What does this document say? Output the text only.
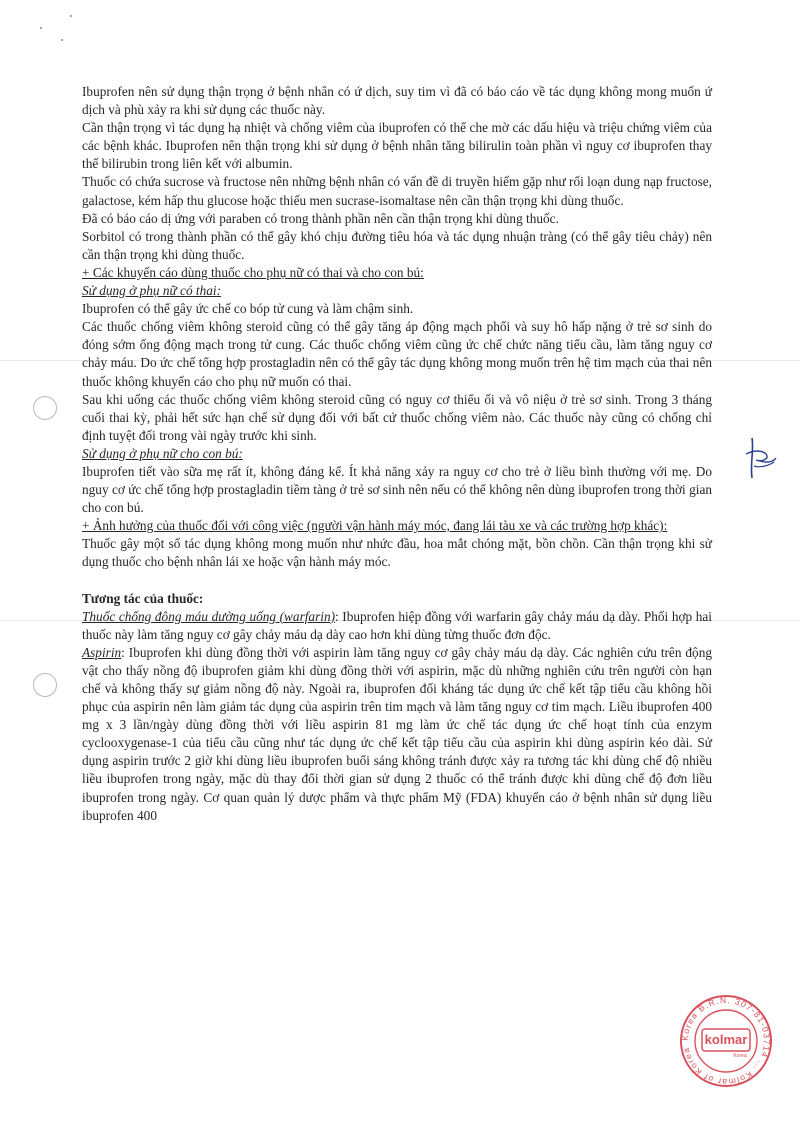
Ibuprofen nên sử dụng thận trọng ở bệnh nhân có ứ dịch, suy tim vì đã có báo cáo về tác dụng không mong muốn ứ dịch và phù xảy ra khi sử dụng các thuốc này.

Cần thận trọng vì tác dụng hạ nhiệt và chống viêm của ibuprofen có thể che mờ các dấu hiệu và triệu chứng viêm của các bệnh khác. Ibuprofen nên thận trọng khi sử dụng ở bệnh nhân tăng bilirulin toàn phần vì nguy cơ ibuprofen thay thế bilirubin trong liên kết với albumin.

Thuốc có chứa sucrose và fructose nên những bệnh nhân có vấn đề di truyền hiếm gặp như rối loạn dung nạp fructose, galactose, kém hấp thu glucose hoặc thiếu men sucrase-isomaltase nên cần thận trọng khi dùng thuốc.

Đã có báo cáo dị ứng với paraben có trong thành phần nên cần thận trọng khi dùng thuốc.

Sorbitol có trong thành phần có thể gây khó chịu đường tiêu hóa và tác dụng nhuận tràng (có thể gây tiêu chảy) nên cần thận trọng khi dùng thuốc.

+ Các khuyến cáo dùng thuốc cho phụ nữ có thai và cho con bú:

Sử dụng ở phụ nữ có thai:

Ibuprofen có thể gây ức chế co bóp tử cung và làm chậm sinh.

Các thuốc chống viêm không steroid cũng có thể gây tăng áp động mạch phổi và suy hô hấp nặng ở trẻ sơ sinh do đóng sớm ống động mạch trong tử cung. Các thuốc chống viêm cũng ức chế chức năng tiểu cầu, làm tăng nguy cơ chảy máu. Do ức chế tổng hợp prostagladin nên có thể gây tác dụng không mong muốn trên hệ tim mạch của thai nên thuốc không khuyến cáo cho phụ nữ muốn có thai.

Sau khi uống các thuốc chống viêm không steroid cũng có nguy cơ thiểu ối và vô niệu ở trẻ sơ sinh. Trong 3 tháng cuối thai kỳ, phải hết sức hạn chế sử dụng đối với bất cứ thuốc chống viêm nào. Các thuốc này cũng có chống chỉ định tuyệt đối trong vài ngày trước khi sinh.

Sử dụng ở phụ nữ cho con bú:

Ibuprofen tiết vào sữa mẹ rất ít, không đáng kể. Ít khả năng xảy ra nguy cơ cho trẻ ở liều bình thường với mẹ. Do nguy cơ ức chế tổng hợp prostagladin tiềm tàng ở trẻ sơ sinh nên nếu có thể không nên dùng ibuprofen trong thời gian cho con bú.

+ Ảnh hưởng của thuốc đối với công việc (người vận hành máy móc, đang lái tàu xe và các trường hợp khác):

Thuốc gây một số tác dụng không mong muốn như nhức đầu, hoa mắt chóng mặt, bồn chồn. Cần thận trọng khi sử dụng thuốc cho bệnh nhân lái xe hoặc vận hành máy móc.

Tương tác của thuốc:

Thuốc chống đông máu dường uống (warfarin): Ibuprofen hiệp đồng với warfarin gây chảy máu dạ dày. Phối hợp hai thuốc này làm tăng nguy cơ gây chảy máu dạ dày cao hơn khi dùng từng thuốc đơn độc.

Aspirin: Ibuprofen khi dùng đồng thời với aspirin làm tăng nguy cơ gây chảy máu dạ dày. Các nghiên cứu trên động vật cho thấy nồng độ ibuprofen giảm khi dùng đồng thời với aspirin, mặc dù những nghiên cứu trên người còn hạn chế và không thấy sự giảm nồng độ này. Ngoài ra, ibuprofen đối kháng tác dụng ức chế kết tập tiểu cầu không hồi phục của aspirin nên làm giảm tác dụng của aspirin trên tim mạch và làm tăng nguy cơ tim mạch. Liều ibuprofen 400 mg x 3 lần/ngày dùng đồng thời với liều aspirin 81 mg làm ức chế tác dụng ức chế hoạt tính của enzym cyclooxygenase-1 của tiểu cầu cũng như tác dụng ức chế kết tập tiểu cầu của aspirin khi dùng aspirin kéo dài. Sử dụng aspirin trước 2 giờ khi dùng liều ibuprofen buổi sáng không tránh được xảy ra tương tác khi dùng chế độ nhiều liều ibuprofen trong ngày, mặc dù thay đổi thời gian sử dụng 2 thuốc có thể tránh được khi dùng chế độ đơn liều ibuprofen trong ngày. Cơ quan quản lý dược phẩm và thực phẩm Mỹ (FDA) khuyến cáo ở bệnh nhân sử dụng liều ibuprofen 400

Korea B.R.N. 307-81-03714 ... Kolmar of Korea
kolmar
Korea
